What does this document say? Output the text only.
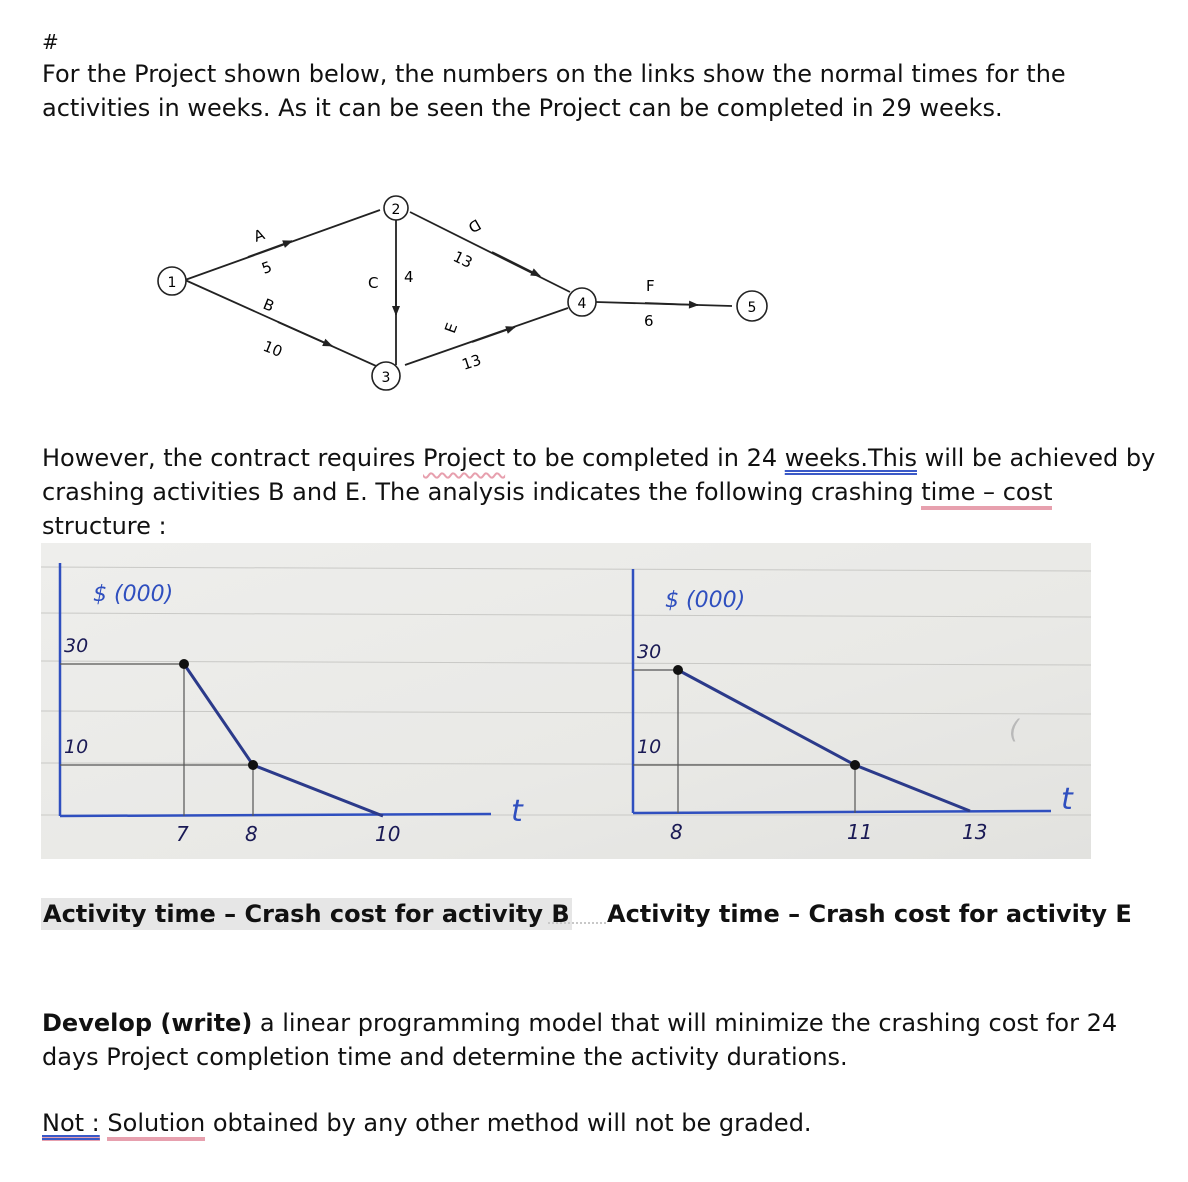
#
For the Project shown below, the numbers on the links show the normal times for the activities in weeks. As it can be seen the Project can be completed in 29 weeks.
1
2
3
4	5
A
5
B
10
C 4
D
13
E
13
F
6
However, the contract requires Project to be completed in 24 weeks.This will be achieved by crashing activities B and E. The analysis indicates the following crashing time – cost structure :
$ (000)
t
30
10
7	8	10
$ (000)
t
30
10
8	11	13
(
Activity time – Crash cost for activity B Activity time – Crash cost for activity E
Develop (write) a linear programming model that will minimize the crashing cost for 24 days Project completion time and determine the activity durations.
Not : Solution obtained by any other method will not be graded.
